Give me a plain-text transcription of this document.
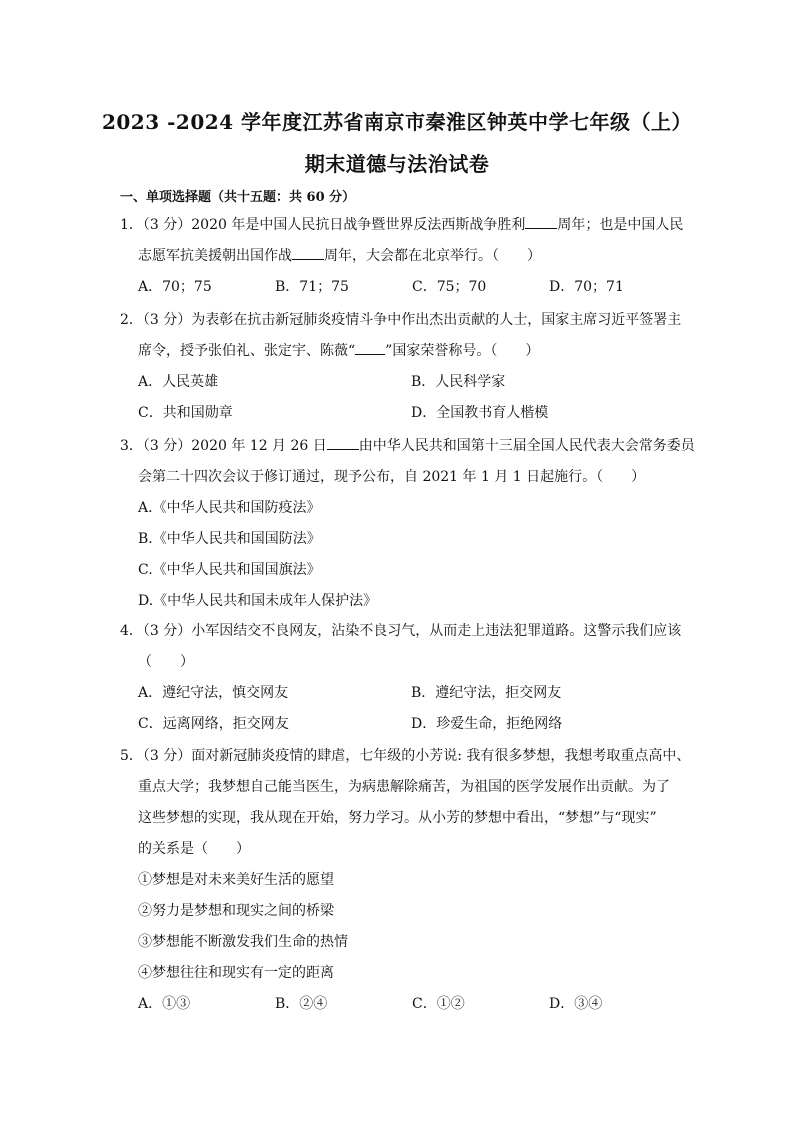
2023 -2024 学年度江苏省南京市秦淮区钟英中学七年级（上）
期末道德与法治试卷
一、单项选择题（共十五题：共 60 分）
1．（3 分）2020 年是中国人民抗日战争暨世界反法西斯战争胜利 周年；也是中国人民
志愿军抗美援朝出国作战 周年，大会都在北京举行。（　　）
A．70；75	B．71；75	C．75；70	D．70；71
2．（3 分）为表彰在抗击新冠肺炎疫情斗争中作出杰出贡献的人士，国家主席习近平签署主
席令，授予张伯礼、张定宇、陈薇“ ”国家荣誉称号。（　　）
A．人民英雄	B．人民科学家
C．共和国勋章	D．全国教书育人楷模
3．（3 分）2020 年 12 月 26 日 由中华人民共和国第十三届全国人民代表大会常务委员
会第二十四次会议于修订通过，现予公布，自 2021 年 1 月 1 日起施行。（　　）
A.《中华人民共和国防疫法》
B.《中华人民共和国国防法》
C.《中华人民共和国国旗法》
D.《中华人民共和国未成年人保护法》
4．（3 分）小军因结交不良网友，沾染不良习气，从而走上违法犯罪道路。这警示我们应该
（　　）
A．遵纪守法，慎交网友	B．遵纪守法，拒交网友
C．远离网络，拒交网友	D．珍爱生命，拒绝网络
5．（3 分）面对新冠肺炎疫情的肆虐，七年级的小芳说: 我有很多梦想，我想考取重点高中、
重点大学；我梦想自己能当医生，为病患解除痛苦，为祖国的医学发展作出贡献。为了
这些梦想的实现，我从现在开始，努力学习。从小芳的梦想中看出，“梦想”与“现实”
的关系是（　　）
①梦想是对未来美好生活的愿望
②努力是梦想和现实之间的桥梁
③梦想能不断激发我们生命的热情
④梦想往往和现实有一定的距离
A．①③	B．②④	C．①②	D．③④
